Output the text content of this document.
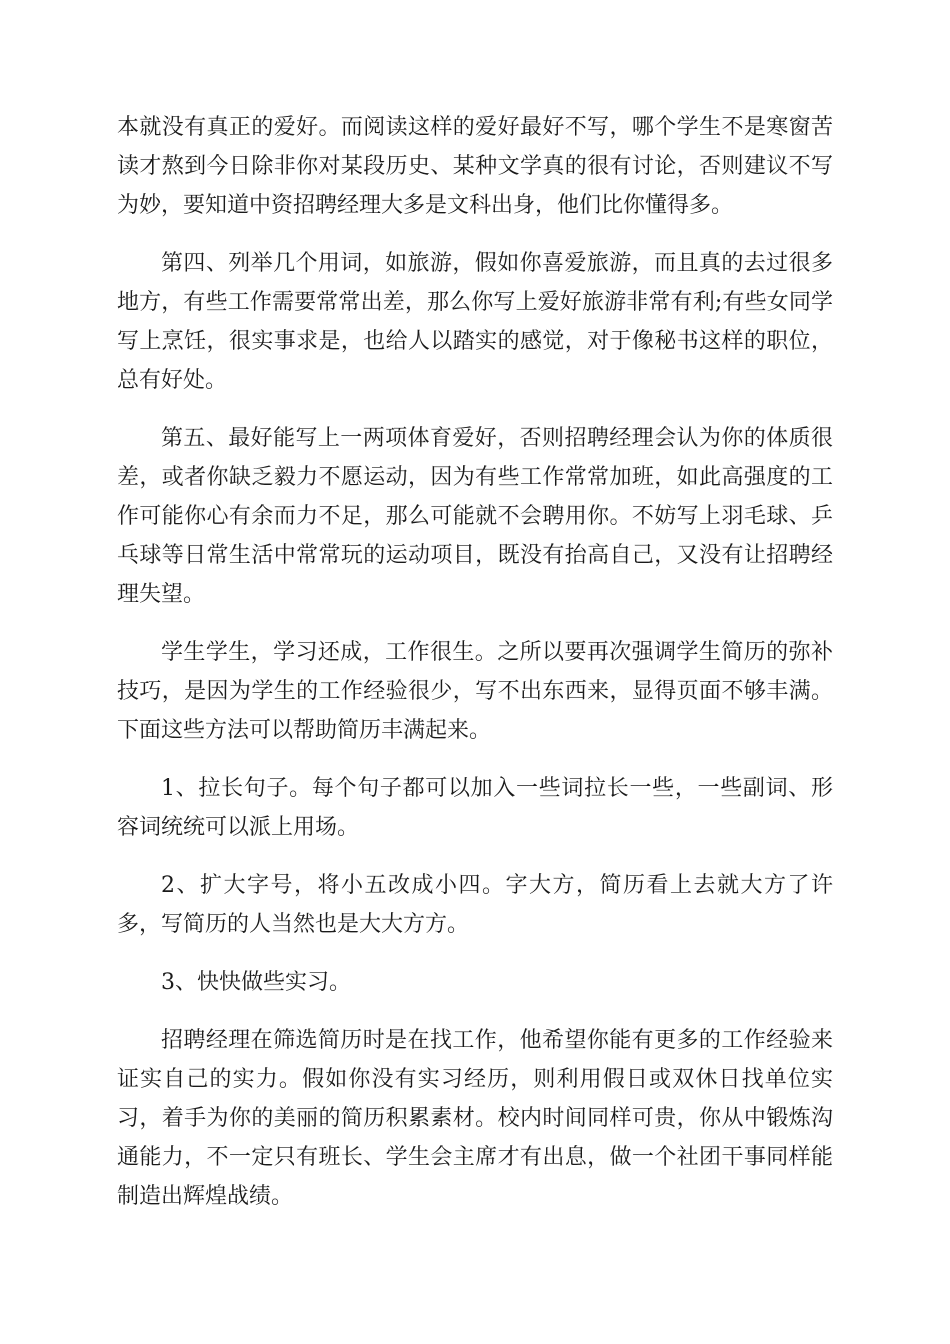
本就没有真正的爱好。而阅读这样的爱好最好不写，哪个学生不是寒窗苦读才熬到今日除非你对某段历史、某种文学真的很有讨论，否则建议不写为妙，要知道中资招聘经理大多是文科出身，他们比你懂得多。

第四、列举几个用词，如旅游，假如你喜爱旅游，而且真的去过很多地方，有些工作需要常常出差，那么你写上爱好旅游非常有利;有些女同学写上烹饪，很实事求是，也给人以踏实的感觉，对于像秘书这样的职位，总有好处。

第五、最好能写上一两项体育爱好，否则招聘经理会认为你的体质很差，或者你缺乏毅力不愿运动，因为有些工作常常加班，如此高强度的工作可能你心有余而力不足，那么可能就不会聘用你。不妨写上羽毛球、乒乓球等日常生活中常常玩的运动项目，既没有抬高自己，又没有让招聘经理失望。

学生学生，学习还成，工作很生。之所以要再次强调学生简历的弥补技巧，是因为学生的工作经验很少，写不出东西来，显得页面不够丰满。下面这些方法可以帮助简历丰满起来。

1、拉长句子。每个句子都可以加入一些词拉长一些，一些副词、形容词统统可以派上用场。

2、扩大字号，将小五改成小四。字大方，简历看上去就大方了许多，写简历的人当然也是大大方方。

3、快快做些实习。

招聘经理在筛选简历时是在找工作，他希望你能有更多的工作经验来证实自己的实力。假如你没有实习经历，则利用假日或双休日找单位实习，着手为你的美丽的简历积累素材。校内时间同样可贵，你从中锻炼沟通能力，不一定只有班长、学生会主席才有出息，做一个社团干事同样能制造出辉煌战绩。
